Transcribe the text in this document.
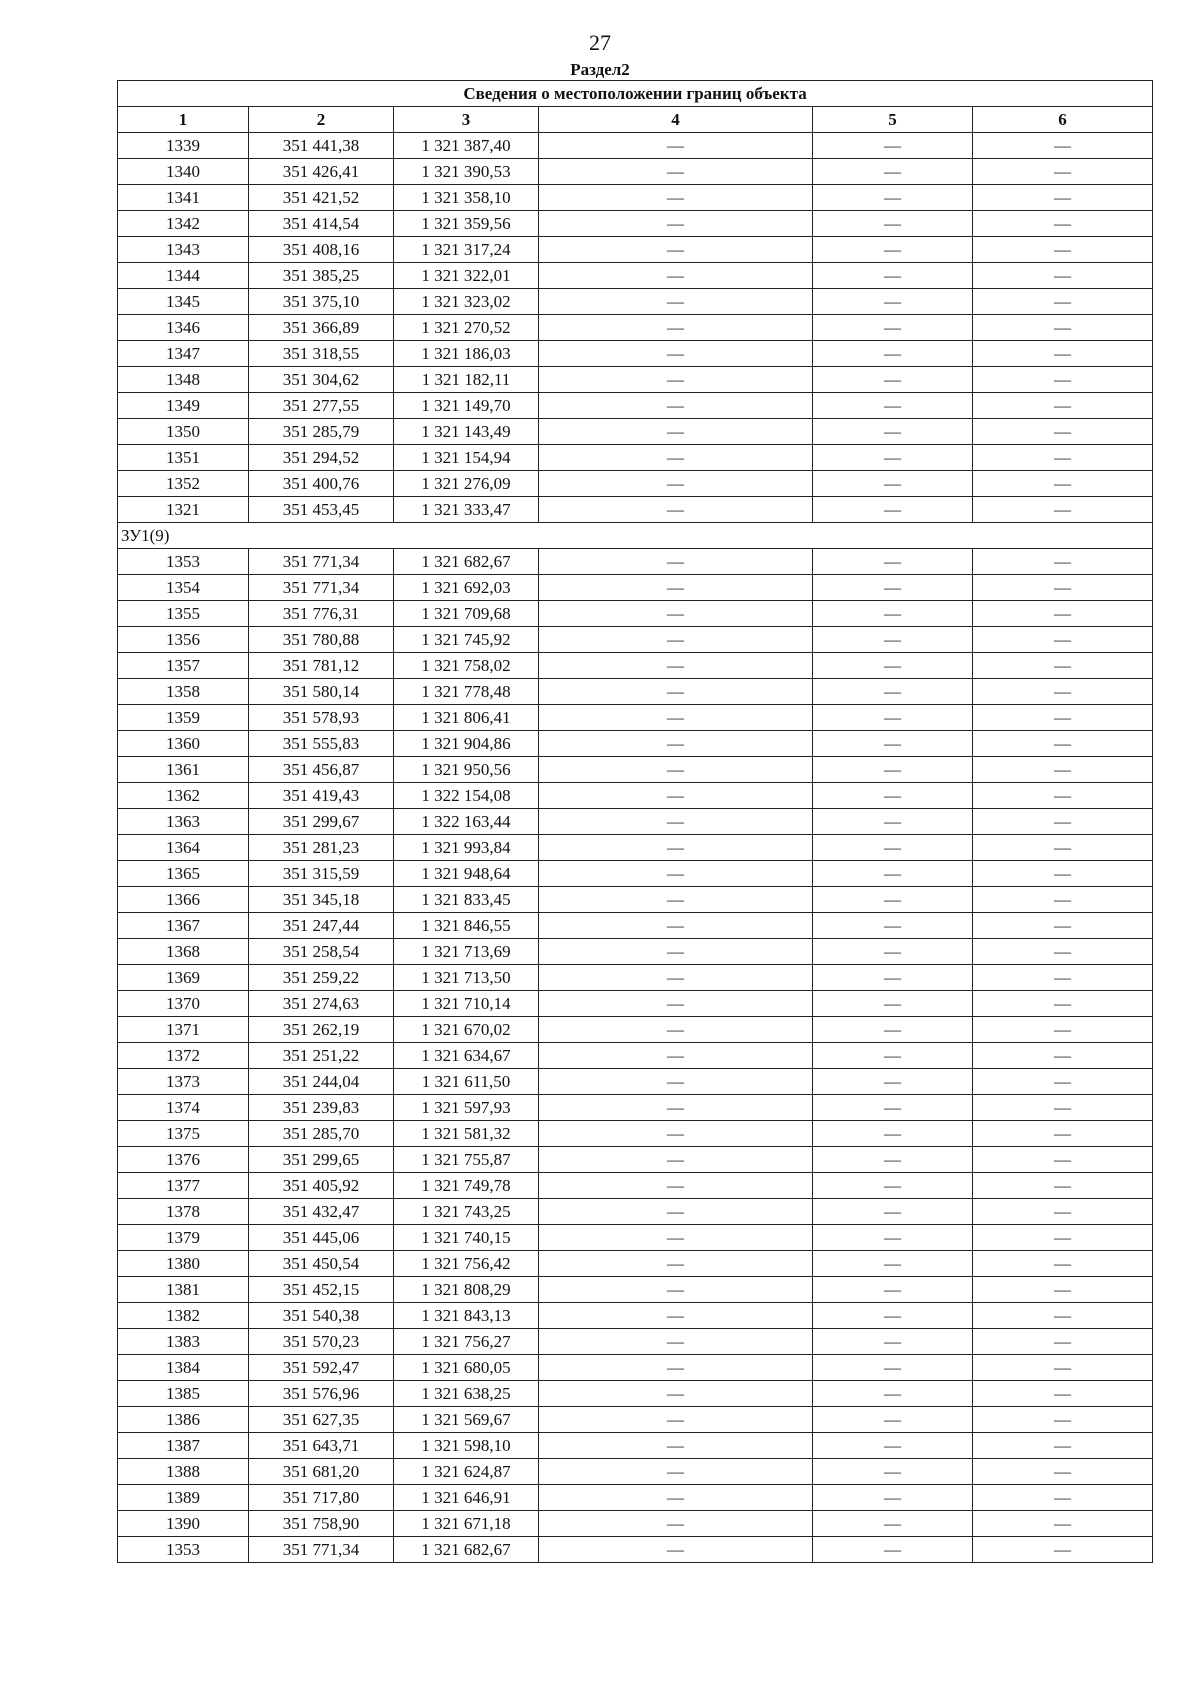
27
Раздел2
Сведения о местоположении границ объекта					
1	2	3	4	5	6
1339	351 441,38	1 321 387,40	—	—	—
1340	351 426,41	1 321 390,53	—	—	—
1341	351 421,52	1 321 358,10	—	—	—
1342	351 414,54	1 321 359,56	—	—	—
1343	351 408,16	1 321 317,24	—	—	—
1344	351 385,25	1 321 322,01	—	—	—
1345	351 375,10	1 321 323,02	—	—	—
1346	351 366,89	1 321 270,52	—	—	—
1347	351 318,55	1 321 186,03	—	—	—
1348	351 304,62	1 321 182,11	—	—	—
1349	351 277,55	1 321 149,70	—	—	—
1350	351 285,79	1 321 143,49	—	—	—
1351	351 294,52	1 321 154,94	—	—	—
1352	351 400,76	1 321 276,09	—	—	—
1321	351 453,45	1 321 333,47	—	—	—
ЗУ1(9)					
1353	351 771,34	1 321 682,67	—	—	—
1354	351 771,34	1 321 692,03	—	—	—
1355	351 776,31	1 321 709,68	—	—	—
1356	351 780,88	1 321 745,92	—	—	—
1357	351 781,12	1 321 758,02	—	—	—
1358	351 580,14	1 321 778,48	—	—	—
1359	351 578,93	1 321 806,41	—	—	—
1360	351 555,83	1 321 904,86	—	—	—
1361	351 456,87	1 321 950,56	—	—	—
1362	351 419,43	1 322 154,08	—	—	—
1363	351 299,67	1 322 163,44	—	—	—
1364	351 281,23	1 321 993,84	—	—	—
1365	351 315,59	1 321 948,64	—	—	—
1366	351 345,18	1 321 833,45	—	—	—
1367	351 247,44	1 321 846,55	—	—	—
1368	351 258,54	1 321 713,69	—	—	—
1369	351 259,22	1 321 713,50	—	—	—
1370	351 274,63	1 321 710,14	—	—	—
1371	351 262,19	1 321 670,02	—	—	—
1372	351 251,22	1 321 634,67	—	—	—
1373	351 244,04	1 321 611,50	—	—	—
1374	351 239,83	1 321 597,93	—	—	—
1375	351 285,70	1 321 581,32	—	—	—
1376	351 299,65	1 321 755,87	—	—	—
1377	351 405,92	1 321 749,78	—	—	—
1378	351 432,47	1 321 743,25	—	—	—
1379	351 445,06	1 321 740,15	—	—	—
1380	351 450,54	1 321 756,42	—	—	—
1381	351 452,15	1 321 808,29	—	—	—
1382	351 540,38	1 321 843,13	—	—	—
1383	351 570,23	1 321 756,27	—	—	—
1384	351 592,47	1 321 680,05	—	—	—
1385	351 576,96	1 321 638,25	—	—	—
1386	351 627,35	1 321 569,67	—	—	—
1387	351 643,71	1 321 598,10	—	—	—
1388	351 681,20	1 321 624,87	—	—	—
1389	351 717,80	1 321 646,91	—	—	—
1390	351 758,90	1 321 671,18	—	—	—
1353	351 771,34	1 321 682,67	—	—	—
